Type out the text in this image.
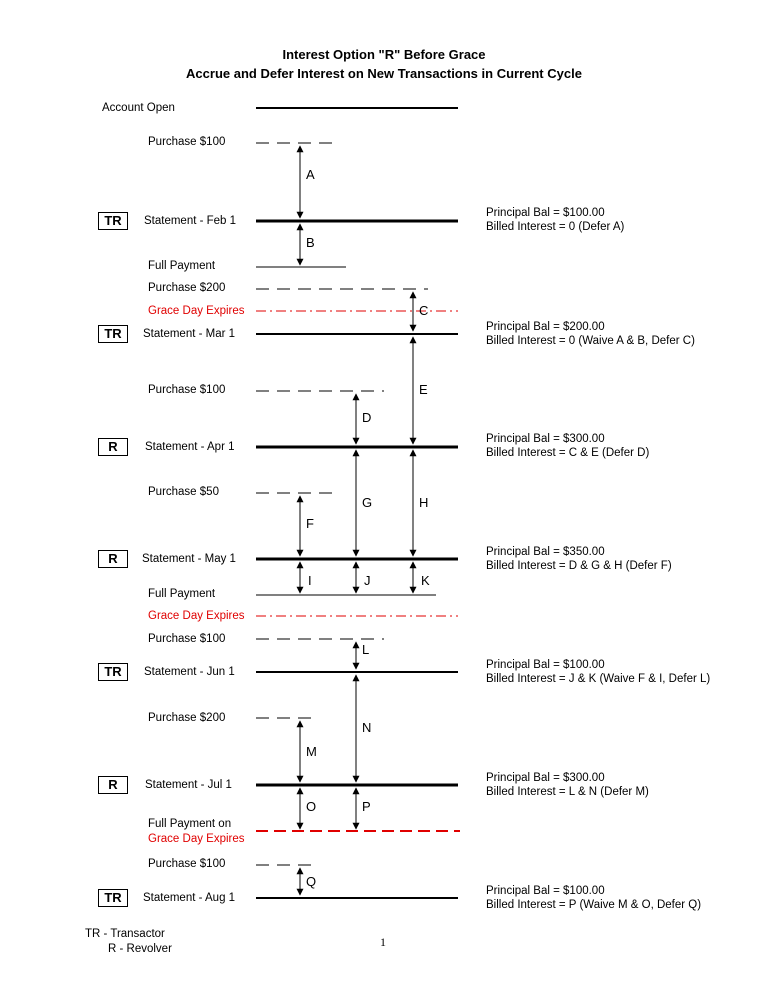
Interest Option "R" Before Grace
Accrue and Defer Interest on New Transactions in Current Cycle
A
B
C
D
E
F
G	H
I	J	K
L
N
M
O	P
Q
Account Open
Purchase $100
Statement - Feb 1
Full Payment
Purchase $200
Grace Day Expires
Statement - Mar 1
Purchase $100
Statement - Apr 1
Purchase $50
Statement - May 1
Full Payment
Grace Day Expires
Purchase $100
Statement - Jun 1
Purchase $200
Statement - Jul 1
Full Payment on
Grace Day Expires
Purchase $100
Statement - Aug 1
TR
TR
R
R
TR
R
TR
Principal Bal = $100.00
Billed Interest = 0 (Defer A)
Principal Bal = $200.00
Billed Interest = 0 (Waive A & B, Defer C)
Principal Bal = $300.00
Billed Interest = C & E (Defer D)
Principal Bal = $350.00
Billed Interest = D & G & H (Defer F)
Principal Bal = $100.00
Billed Interest = J & K (Waive F & I, Defer L)
Principal Bal = $300.00
Billed Interest = L & N (Defer M)
Principal Bal = $100.00
Billed Interest = P (Waive M & O, Defer Q)
TR - Transactor
R - Revolver	1
